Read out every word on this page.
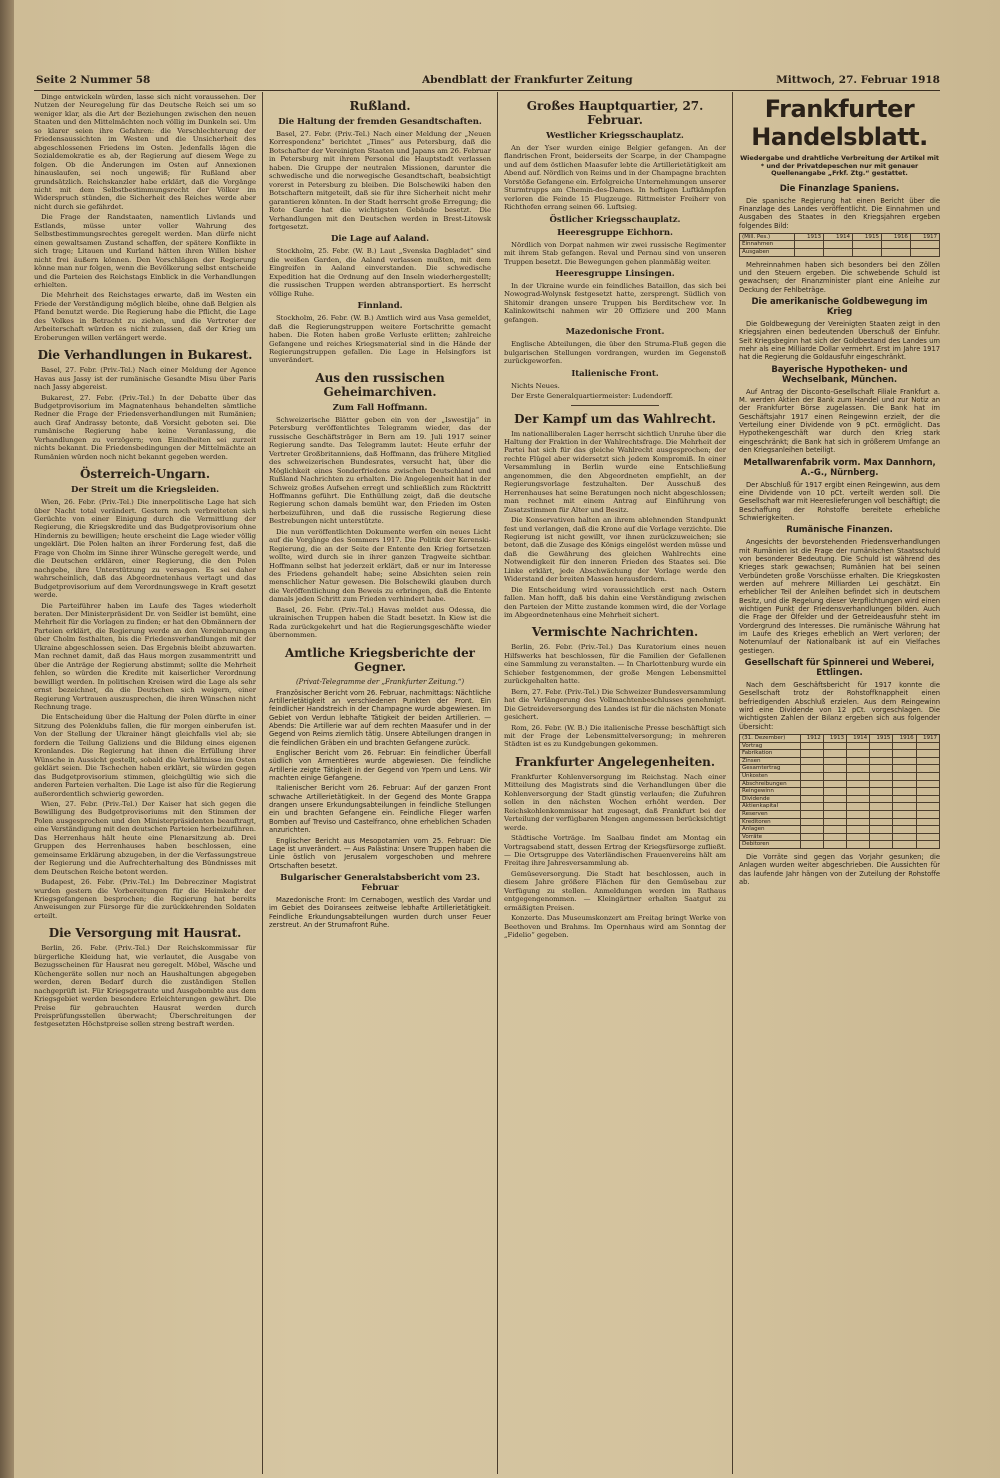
Seite 2 Nummer 58	Abendblatt der Frankfurter Zeitung	Mittwoch, 27. Februar 1918

Dinge entwickeln würden, lasse sich nicht voraussehen. Der Nutzen der Neuregelung für das Deutsche Reich sei um so weniger klar, als die Art der Beziehungen zwischen den neuen Staaten und den Mittelmächten noch völlig im Dunkeln sei. Um so klarer seien ihre Gefahren: die Verschlechterung der Friedensaussichten im Westen und die Unsicherheit des abgeschlossenen Friedens im Osten. Jedenfalls lägen die Sozialdemokratie es ab, der Regierung auf diesem Wege zu folgen. Ob die Änderungen im Osten auf Annexionen hinauslaufen, sei noch ungewiß; für Rußland aber grundsätzlich. Reichskanzler habe erklärt, daß die Vorgänge nicht mit dem Selbstbestimmungsrecht der Völker im Widerspruch stünden, die Sicherheit des Reiches werde aber nicht durch sie gefährdet.

Die Frage der Randstaaten, namentlich Livlands und Estlands, müsse unter voller Wahrung des Selbstbestimmungsrechtes geregelt werden. Man dürfe nicht einen gewaltsamen Zustand schaffen, der spätere Konflikte in sich trage; Litauen und Kurland hätten ihren Willen bisher nicht frei äußern können. Den Vorschlägen der Regierung könne man nur folgen, wenn die Bevölkerung selbst entscheide und die Parteien des Reichstags Einblick in die Verhandlungen erhielten.

Die Mehrheit des Reichstages erwarte, daß im Westen ein Friede der Verständigung möglich bleibe, ohne daß Belgien als Pfand benutzt werde. Die Regierung habe die Pflicht, die Lage des Volkes in Betracht zu ziehen, und die Vertreter der Arbeiterschaft würden es nicht zulassen, daß der Krieg um Eroberungen willen verlängert werde.

Die Verhandlungen in Bukarest.

Basel, 27. Febr. (Priv.-Tel.) Nach einer Meldung der Agence Havas aus Jassy ist der rumänische Gesandte Misu über Paris nach Jassy abgereist.

Bukarest, 27. Febr. (Priv.-Tel.) In der Debatte über das Budgetprovisorium im Magnatenhaus behandelten sämtliche Redner die Frage der Friedensverhandlungen mit Rumänien; auch Graf Andrassy betonte, daß Vorsicht geboten sei. Die rumänische Regierung habe keine Veranlassung, die Verhandlungen zu verzögern; von Einzelheiten sei zurzeit nichts bekannt. Die Friedensbedingungen der Mittelmächte an Rumänien würden noch nicht bekannt gegeben werden.

Österreich-Ungarn.
Der Streit um die Kriegsleiden.

Wien, 26. Febr. (Priv.-Tel.) Die innerpolitische Lage hat sich über Nacht total verändert. Gestern noch verbreiteten sich Gerüchte von einer Einigung durch die Vermittlung der Regierung, die Kriegskredite und das Budgetprovisorium ohne Hindernis zu bewilligen; heute erscheint die Lage wieder völlig ungeklärt. Die Polen halten an ihrer Forderung fest, daß die Frage von Cholm im Sinne ihrer Wünsche geregelt werde, und die Deutschen erklären, einer Regierung, die den Polen nachgebe, ihre Unterstützung zu versagen. Es sei daher wahrscheinlich, daß das Abgeordnetenhaus vertagt und das Budgetprovisorium auf dem Verordnungswege in Kraft gesetzt werde.

Die Parteiführer haben im Laufe des Tages wiederholt beraten. Der Ministerpräsident Dr. von Seidler ist bemüht, eine Mehrheit für die Vorlagen zu finden; er hat den Obmännern der Parteien erklärt, die Regierung werde an den Vereinbarungen über Cholm festhalten, bis die Friedensverhandlungen mit der Ukraine abgeschlossen seien. Das Ergebnis bleibt abzuwarten. Man rechnet damit, daß das Haus morgen zusammentritt und über die Anträge der Regierung abstimmt; sollte die Mehrheit fehlen, so würden die Kredite mit kaiserlicher Verordnung bewilligt werden. In politischen Kreisen wird die Lage als sehr ernst bezeichnet, da die Deutschen sich weigern, einer Regierung Vertrauen auszusprechen, die ihren Wünschen nicht Rechnung trage.

Die Entscheidung über die Haltung der Polen dürfte in einer Sitzung des Polenklubs fallen, die für morgen einberufen ist. Von der Stellung der Ukrainer hängt gleichfalls viel ab; sie fordern die Teilung Galiziens und die Bildung eines eigenen Kronlandes. Die Regierung hat ihnen die Erfüllung ihrer Wünsche in Aussicht gestellt, sobald die Verhältnisse im Osten geklärt seien. Die Tschechen haben erklärt, sie würden gegen das Budgetprovisorium stimmen, gleichgültig wie sich die anderen Parteien verhalten. Die Lage ist also für die Regierung außerordentlich schwierig geworden.

Wien, 27. Febr. (Priv.-Tel.) Der Kaiser hat sich gegen die Bewilligung des Budgetprovisoriums mit den Stimmen der Polen ausgesprochen und den Ministerpräsidenten beauftragt, eine Verständigung mit den deutschen Parteien herbeizuführen. Das Herrenhaus hält heute eine Plenarsitzung ab. Drei Gruppen des Herrenhauses haben beschlossen, eine gemeinsame Erklärung abzugeben, in der die Verfassungstreue der Regierung und die Aufrechterhaltung des Bündnisses mit dem Deutschen Reiche betont werden.

Budapest, 26. Febr. (Priv.-Tel.) Im Debrecziner Magistrat wurden gestern die Vorbereitungen für die Heimkehr der Kriegsgefangenen besprochen; die Regierung hat bereits Anweisungen zur Fürsorge für die zurückkehrenden Soldaten erteilt.

Die Versorgung mit Hausrat.

Berlin, 26. Febr. (Priv.-Tel.) Der Reichskommissar für bürgerliche Kleidung hat, wie verlautet, die Ausgabe von Bezugsscheinen für Hausrat neu geregelt. Möbel, Wäsche und Küchengeräte sollen nur noch an Haushaltungen abgegeben werden, deren Bedarf durch die zuständigen Stellen nachgeprüft ist. Für Kriegsgetraute und Ausgebombte aus dem Kriegsgebiet werden besondere Erleichterungen gewährt. Die Preise für gebrauchten Hausrat werden durch Preisprüfungsstellen überwacht; Überschreitungen der festgesetzten Höchstpreise sollen streng bestraft werden.

Rußland.
Die Haltung der fremden Gesandtschaften.

Basel, 27. Febr. (Priv.-Tel.) Nach einer Meldung der „Neuen Korrespondenz“ berichtet „Times“ aus Petersburg, daß die Botschafter der Vereinigten Staaten und Japans am 26. Februar in Petersburg mit ihrem Personal die Hauptstadt verlassen haben. Die Gruppe der neutralen Missionen, darunter die schwedische und die norwegische Gesandtschaft, beabsichtigt vorerst in Petersburg zu bleiben. Die Bolschewiki haben den Botschaftern mitgeteilt, daß sie für ihre Sicherheit nicht mehr garantieren könnten. In der Stadt herrscht große Erregung; die Rote Garde hat die wichtigsten Gebäude besetzt. Die Verhandlungen mit den Deutschen werden in Brest-Litowsk fortgesetzt.

Die Lage auf Aaland.

Stockholm, 25. Febr. (W. B.) Laut „Svenska Dagbladet“ sind die weißen Garden, die Aaland verlassen mußten, mit dem Eingreifen in Aaland einverstanden. Die schwedische Expedition hat die Ordnung auf den Inseln wiederhergestellt; die russischen Truppen werden abtransportiert. Es herrscht völlige Ruhe.

Finnland.

Stockholm, 26. Febr. (W. B.) Amtlich wird aus Vasa gemeldet, daß die Regierungstruppen weitere Fortschritte gemacht haben. Die Roten haben große Verluste erlitten; zahlreiche Gefangene und reiches Kriegsmaterial sind in die Hände der Regierungstruppen gefallen. Die Lage in Helsingfors ist unverändert.

Aus den russischen Geheimarchiven.
Zum Fall Hoffmann.

Schweizerische Blätter geben ein von der „Iswestija“ in Petersburg veröffentlichtes Telegramm wieder, das der russische Geschäftsträger in Bern am 19. Juli 1917 seiner Regierung sandte. Das Telegramm lautet: Heute erfuhr der Vertreter Großbritanniens, daß Hoffmann, das frühere Mitglied des schweizerischen Bundesrates, versucht hat, über die Möglichkeit eines Sonderfriedens zwischen Deutschland und Rußland Nachrichten zu erhalten. Die Angelegenheit hat in der Schweiz großes Aufsehen erregt und schließlich zum Rücktritt Hoffmanns geführt. Die Enthüllung zeigt, daß die deutsche Regierung schon damals bemüht war, den Frieden im Osten herbeizuführen, und daß die russische Regierung diese Bestrebungen nicht unterstützte.

Die nun veröffentlichten Dokumente werfen ein neues Licht auf die Vorgänge des Sommers 1917. Die Politik der Kerenski-Regierung, die an der Seite der Entente den Krieg fortsetzen wollte, wird durch sie in ihrer ganzen Tragweite sichtbar. Hoffmann selbst hat jederzeit erklärt, daß er nur im Interesse des Friedens gehandelt habe; seine Absichten seien rein menschlicher Natur gewesen. Die Bolschewiki glauben durch die Veröffentlichung den Beweis zu erbringen, daß die Entente damals jeden Schritt zum Frieden verhindert habe.

Basel, 26. Febr. (Priv.-Tel.) Havas meldet aus Odessa, die ukrainischen Truppen haben die Stadt besetzt. In Kiew ist die Rada zurückgekehrt und hat die Regierungsgeschäfte wieder übernommen.

Amtliche Kriegsberichte der Gegner.
(Privat-Telegramme der „Frankfurter Zeitung.“)

Französischer Bericht vom 26. Februar, nachmittags: Nächtliche Artillerietätigkeit an verschiedenen Punkten der Front. Ein feindlicher Handstreich in der Champagne wurde abgewiesen. Im Gebiet von Verdun lebhafte Tätigkeit der beiden Artillerien. — Abends: Die Artillerie war auf dem rechten Maasufer und in der Gegend von Reims ziemlich tätig. Unsere Abteilungen drangen in die feindlichen Gräben ein und brachten Gefangene zurück.

Englischer Bericht vom 26. Februar: Ein feindlicher Überfall südlich von Armentières wurde abgewiesen. Die feindliche Artillerie zeigte Tätigkeit in der Gegend von Ypern und Lens. Wir machten einige Gefangene.

Italienischer Bericht vom 26. Februar: Auf der ganzen Front schwache Artillerietätigkeit. In der Gegend des Monte Grappa drangen unsere Erkundungsabteilungen in feindliche Stellungen ein und brachten Gefangene ein. Feindliche Flieger warfen Bomben auf Treviso und Castelfranco, ohne erheblichen Schaden anzurichten.

Englischer Bericht aus Mesopotamien vom 25. Februar: Die Lage ist unverändert. — Aus Palästina: Unsere Truppen haben die Linie östlich von Jerusalem vorgeschoben und mehrere Ortschaften besetzt.

Bulgarischer Generalstabsbericht vom 23. Februar

Mazedonische Front: Im Cernabogen, westlich des Vardar und im Gebiet des Doiransees zeitweise lebhafte Artillerietätigkeit. Feindliche Erkundungsabteilungen wurden durch unser Feuer zerstreut. An der Strumafront Ruhe.

Großes Hauptquartier, 27. Februar.
Westlicher Kriegsschauplatz.

An der Yser wurden einige Belgier gefangen. An der flandrischen Front, beiderseits der Scarpe, in der Champagne und auf dem östlichen Maasufer lebte die Artillerietätigkeit am Abend auf. Nördlich von Reims und in der Champagne brachten Vorstöße Gefangene ein. Erfolgreiche Unternehmungen unserer Sturmtrupps am Chemin-des-Dames. In heftigen Luftkämpfen verloren die Feinde 15 Flugzeuge. Rittmeister Freiherr von Richthofen errang seinen 66. Luftsieg.

Östlicher Kriegsschauplatz.
Heeresgruppe Eichhorn.

Nördlich von Dorpat nahmen wir zwei russische Regimenter mit ihrem Stab gefangen. Reval und Pernau sind von unseren Truppen besetzt. Die Bewegungen gehen planmäßig weiter.

Heeresgruppe Linsingen.

In der Ukraine wurde ein feindliches Bataillon, das sich bei Nowograd-Wolynsk festgesetzt hatte, zersprengt. Südlich von Shitomir drangen unsere Truppen bis Berditschew vor. In Kalinkowitschi nahmen wir 20 Offiziere und 200 Mann gefangen.

Mazedonische Front.

Englische Abteilungen, die über den Struma-Fluß gegen die bulgarischen Stellungen vordrangen, wurden im Gegenstoß zurückgeworfen.

Italienische Front.

Nichts Neues.

Der Erste Generalquartiermeister: Ludendorff.

Der Kampf um das Wahlrecht.

Im nationalliberalen Lager herrscht sichtlich Unruhe über die Haltung der Fraktion in der Wahlrechtsfrage. Die Mehrheit der Partei hat sich für das gleiche Wahlrecht ausgesprochen; der rechte Flügel aber widersetzt sich jedem Kompromiß. In einer Versammlung in Berlin wurde eine Entschließung angenommen, die den Abgeordneten empfiehlt, an der Regierungsvorlage festzuhalten. Der Ausschuß des Herrenhauses hat seine Beratungen noch nicht abgeschlossen; man rechnet mit einem Antrag auf Einführung von Zusatzstimmen für Alter und Besitz.

Die Konservativen halten an ihrem ablehnenden Standpunkt fest und verlangen, daß die Krone auf die Vorlage verzichte. Die Regierung ist nicht gewillt, vor ihnen zurückzuweichen; sie betont, daß die Zusage des Königs eingelöst werden müsse und daß die Gewährung des gleichen Wahlrechts eine Notwendigkeit für den inneren Frieden des Staates sei. Die Linke erklärt, jede Abschwächung der Vorlage werde den Widerstand der breiten Massen herausfordern.

Die Entscheidung wird voraussichtlich erst nach Ostern fallen. Man hofft, daß bis dahin eine Verständigung zwischen den Parteien der Mitte zustande kommen wird, die der Vorlage im Abgeordnetenhaus eine Mehrheit sichert.

Vermischte Nachrichten.

Berlin, 26. Febr. (Priv.-Tel.) Das Kuratorium eines neuen Hilfswerks hat beschlossen, für die Familien der Gefallenen eine Sammlung zu veranstalten. — In Charlottenburg wurde ein Schieber festgenommen, der große Mengen Lebensmittel zurückgehalten hatte.

Bern, 27. Febr. (Priv.-Tel.) Die Schweizer Bundesversammlung hat die Verlängerung des Vollmachtenbeschlusses genehmigt. Die Getreideversorgung des Landes ist für die nächsten Monate gesichert.

Rom, 26. Febr. (W. B.) Die italienische Presse beschäftigt sich mit der Frage der Lebensmittelversorgung; in mehreren Städten ist es zu Kundgebungen gekommen.

Frankfurter Angelegenheiten.

Frankfurter Kohlenversorgung im Reichstag. Nach einer Mitteilung des Magistrats sind die Verhandlungen über die Kohlenversorgung der Stadt günstig verlaufen; die Zufuhren sollen in den nächsten Wochen erhöht werden. Der Reichskohlenkommissar hat zugesagt, daß Frankfurt bei der Verteilung der verfügbaren Mengen angemessen berücksichtigt werde.

Städtische Vorträge. Im Saalbau findet am Montag ein Vortragsabend statt, dessen Ertrag der Kriegsfürsorge zufließt. — Die Ortsgruppe des Vaterländischen Frauenvereins hält am Freitag ihre Jahresversammlung ab.

Gemüseversorgung. Die Stadt hat beschlossen, auch in diesem Jahre größere Flächen für den Gemüsebau zur Verfügung zu stellen. Anmeldungen werden im Rathaus entgegengenommen. — Kleingärtner erhalten Saatgut zu ermäßigten Preisen.

Konzerte. Das Museumskonzert am Freitag bringt Werke von Beethoven und Brahms. Im Opernhaus wird am Sonntag der „Fidelio“ gegeben.

Frankfurter Handelsblatt.
Wiedergabe und drahtliche Verbreitung der Artikel mit * und der Privatdepeschen nur mit genauer Quellenangabe „Frkf. Ztg.“ gestattet.
Die Finanzlage Spaniens.

Die spanische Regierung hat einen Bericht über die Finanzlage des Landes veröffentlicht. Die Einnahmen und Ausgaben des Staates in den Kriegsjahren ergeben folgendes Bild:

(Mill. Pes.)	1913	1914	1915	1916	1917
Einnahmen					
Ausgaben					

Mehreinnahmen haben sich besonders bei den Zöllen und den Steuern ergeben. Die schwebende Schuld ist gewachsen; der Finanzminister plant eine Anleihe zur Deckung der Fehlbeträge.

Die amerikanische Goldbewegung im Krieg

Die Goldbewegung der Vereinigten Staaten zeigt in den Kriegsjahren einen bedeutenden Überschuß der Einfuhr. Seit Kriegsbeginn hat sich der Goldbestand des Landes um mehr als eine Milliarde Dollar vermehrt. Erst im Jahre 1917 hat die Regierung die Goldausfuhr eingeschränkt.

Bayerische Hypotheken- und Wechselbank, München.

Auf Antrag der Disconto-Gesellschaft Filiale Frankfurt a. M. werden Aktien der Bank zum Handel und zur Notiz an der Frankfurter Börse zugelassen. Die Bank hat im Geschäftsjahr 1917 einen Reingewinn erzielt, der die Verteilung einer Dividende von 9 pCt. ermöglicht. Das Hypothekengeschäft war durch den Krieg stark eingeschränkt; die Bank hat sich in größerem Umfange an den Kriegsanleihen beteiligt.

Metallwarenfabrik vorm. Max Dannhorn, A.-G., Nürnberg.

Der Abschluß für 1917 ergibt einen Reingewinn, aus dem eine Dividende von 10 pCt. verteilt werden soll. Die Gesellschaft war mit Heereslieferungen voll beschäftigt; die Beschaffung der Rohstoffe bereitete erhebliche Schwierigkeiten.

Rumänische Finanzen.

Angesichts der bevorstehenden Friedensverhandlungen mit Rumänien ist die Frage der rumänischen Staatsschuld von besonderer Bedeutung. Die Schuld ist während des Krieges stark gewachsen; Rumänien hat bei seinen Verbündeten große Vorschüsse erhalten. Die Kriegskosten werden auf mehrere Milliarden Lei geschätzt. Ein erheblicher Teil der Anleihen befindet sich in deutschem Besitz, und die Regelung dieser Verpflichtungen wird einen wichtigen Punkt der Friedensverhandlungen bilden. Auch die Frage der Ölfelder und der Getreideausfuhr steht im Vordergrund des Interesses. Die rumänische Währung hat im Laufe des Krieges erheblich an Wert verloren; der Notenumlauf der Nationalbank ist auf ein Vielfaches gestiegen.

Gesellschaft für Spinnerei und Weberei, Ettlingen.

Nach dem Geschäftsbericht für 1917 konnte die Gesellschaft trotz der Rohstoffknappheit einen befriedigenden Abschluß erzielen. Aus dem Reingewinn wird eine Dividende von 12 pCt. vorgeschlagen. Die wichtigsten Zahlen der Bilanz ergeben sich aus folgender Übersicht:

(31. Dezember)	1912	1913	1914	1915	1916	1917
Vortrag						
Fabrikation						
Zinsen						
Gesamtertrag						
Unkosten						
Abschreibungen						
Reingewinn						
Dividende						
Aktienkapital						
Reserven						
Kreditoren						
Anlagen						
Vorräte						
Debitoren						

Die Vorräte sind gegen das Vorjahr gesunken; die Anlagen wurden weiter abgeschrieben. Die Aussichten für das laufende Jahr hängen von der Zuteilung der Rohstoffe ab.
